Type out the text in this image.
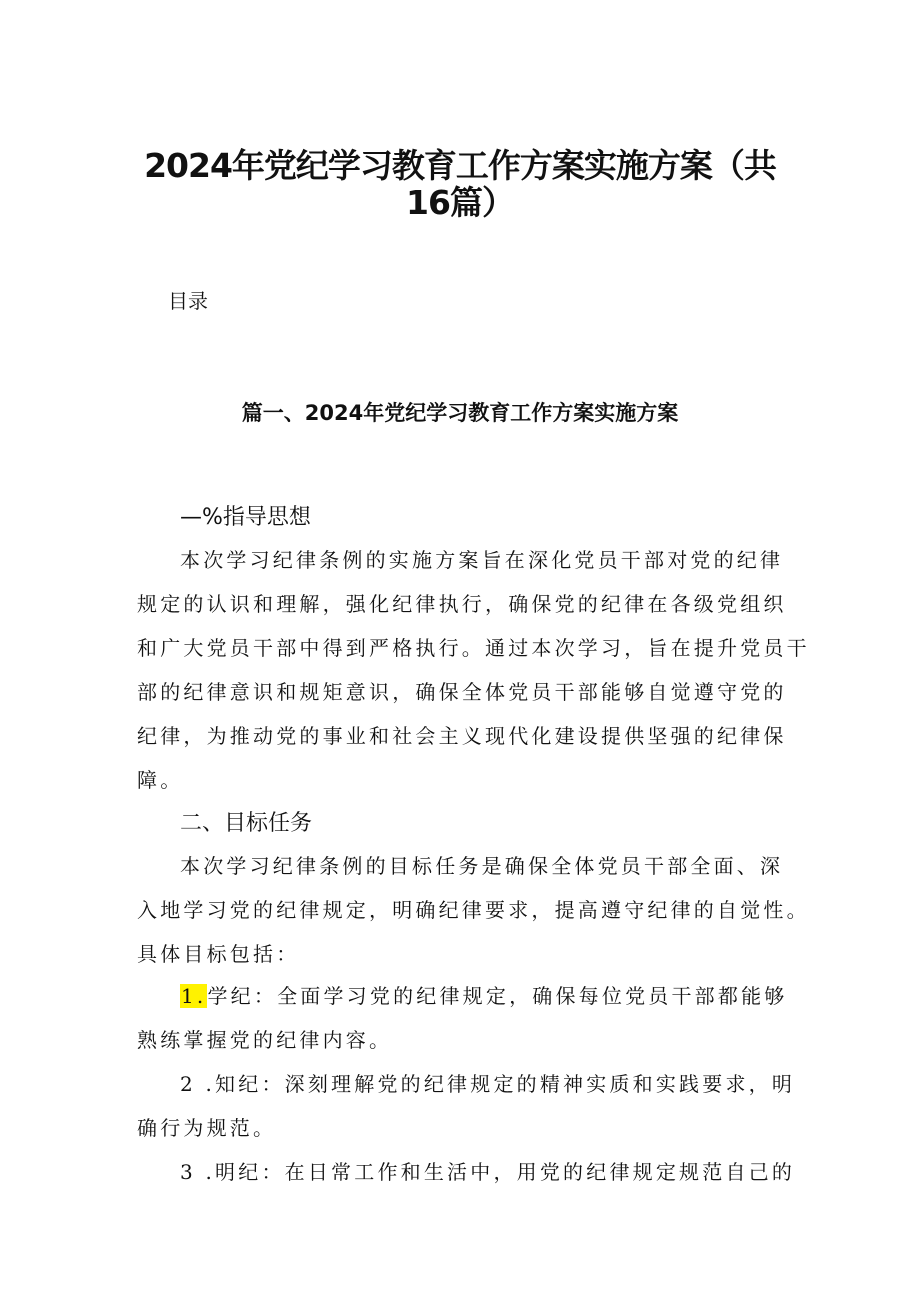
2024年党纪学习教育工作方案实施方案（共
16篇）
目录
篇一、2024年党纪学习教育工作方案实施方案
—%指导思想
本次学习纪律条例的实施方案旨在深化党员干部对党的纪律
规定的认识和理解，强化纪律执行，确保党的纪律在各级党组织
和广大党员干部中得到严格执行。通过本次学习，旨在提升党员干
部的纪律意识和规矩意识，确保全体党员干部能够自觉遵守党的
纪律，为推动党的事业和社会主义现代化建设提供坚强的纪律保
障。
二、目标任务
本次学习纪律条例的目标任务是确保全体党员干部全面、深
入地学习党的纪律规定，明确纪律要求，提高遵守纪律的自觉性。
具体目标包括：
1.学纪：全面学习党的纪律规定，确保每位党员干部都能够
熟练掌握党的纪律内容。
2 .知纪：深刻理解党的纪律规定的精神实质和实践要求，明
确行为规范。
3 .明纪：在日常工作和生活中，用党的纪律规定规范自己的
